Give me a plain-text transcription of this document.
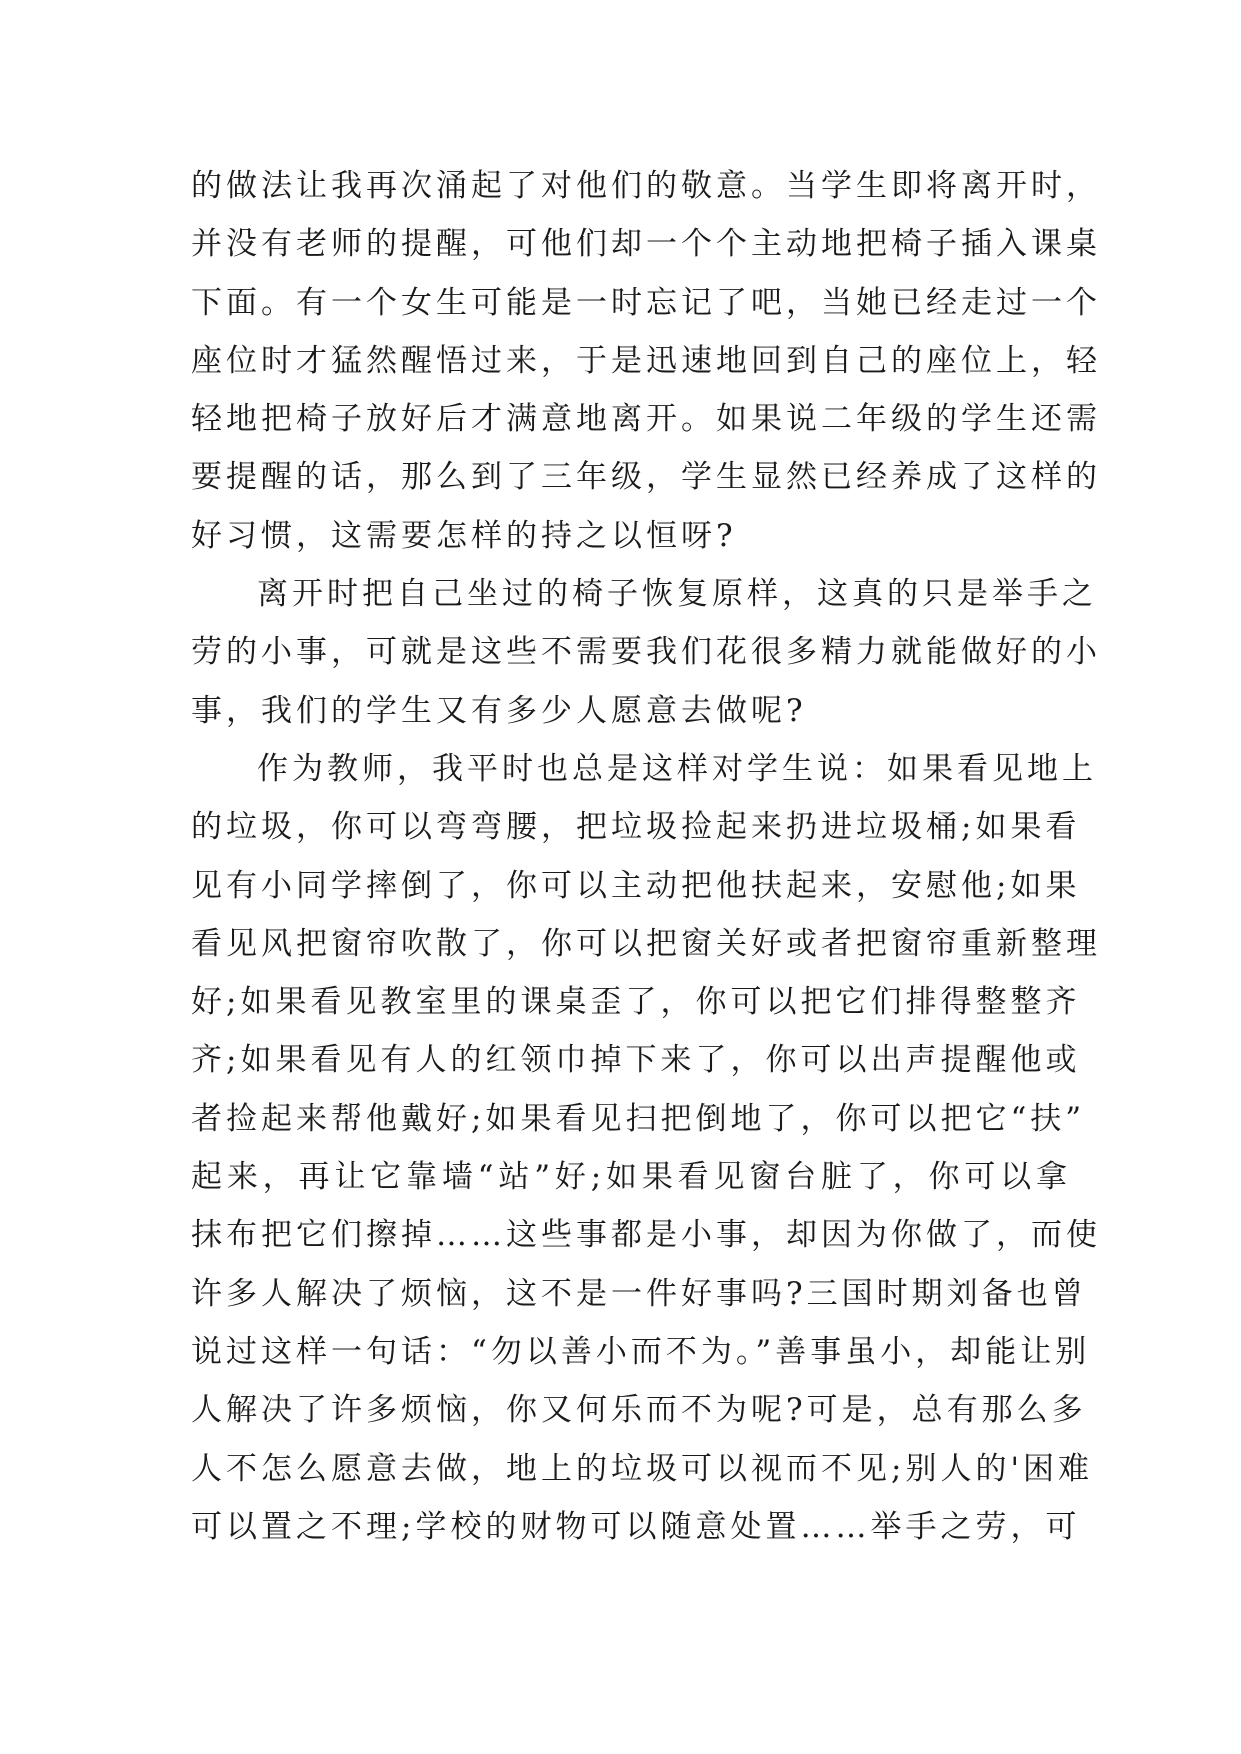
的做法让我再次涌起了对他们的敬意。当学生即将离开时，
并没有老师的提醒，可他们却一个个主动地把椅子插入课桌
下面。有一个女生可能是一时忘记了吧，当她已经走过一个
座位时才猛然醒悟过来，于是迅速地回到自己的座位上，轻
轻地把椅子放好后才满意地离开。如果说二年级的学生还需
要提醒的话，那么到了三年级，学生显然已经养成了这样的
好习惯，这需要怎样的持之以恒呀?
离开时把自己坐过的椅子恢复原样，这真的只是举手之
劳的小事，可就是这些不需要我们花很多精力就能做好的小
事，我们的学生又有多少人愿意去做呢?
作为教师，我平时也总是这样对学生说：如果看见地上
的垃圾，你可以弯弯腰，把垃圾捡起来扔进垃圾桶;如果看
见有小同学摔倒了，你可以主动把他扶起来，安慰他;如果
看见风把窗帘吹散了，你可以把窗关好或者把窗帘重新整理
好;如果看见教室里的课桌歪了，你可以把它们排得整整齐
齐;如果看见有人的红领巾掉下来了，你可以出声提醒他或
者捡起来帮他戴好;如果看见扫把倒地了，你可以把它“扶”
起来，再让它靠墙“站”好;如果看见窗台脏了，你可以拿
抹布把它们擦掉……这些事都是小事，却因为你做了，而使
许多人解决了烦恼，这不是一件好事吗?三国时期刘备也曾
说过这样一句话：“勿以善小而不为。”善事虽小，却能让别
人解决了许多烦恼，你又何乐而不为呢?可是，总有那么多
人不怎么愿意去做，地上的垃圾可以视而不见;别人的'困难
可以置之不理;学校的财物可以随意处置……举手之劳，可
